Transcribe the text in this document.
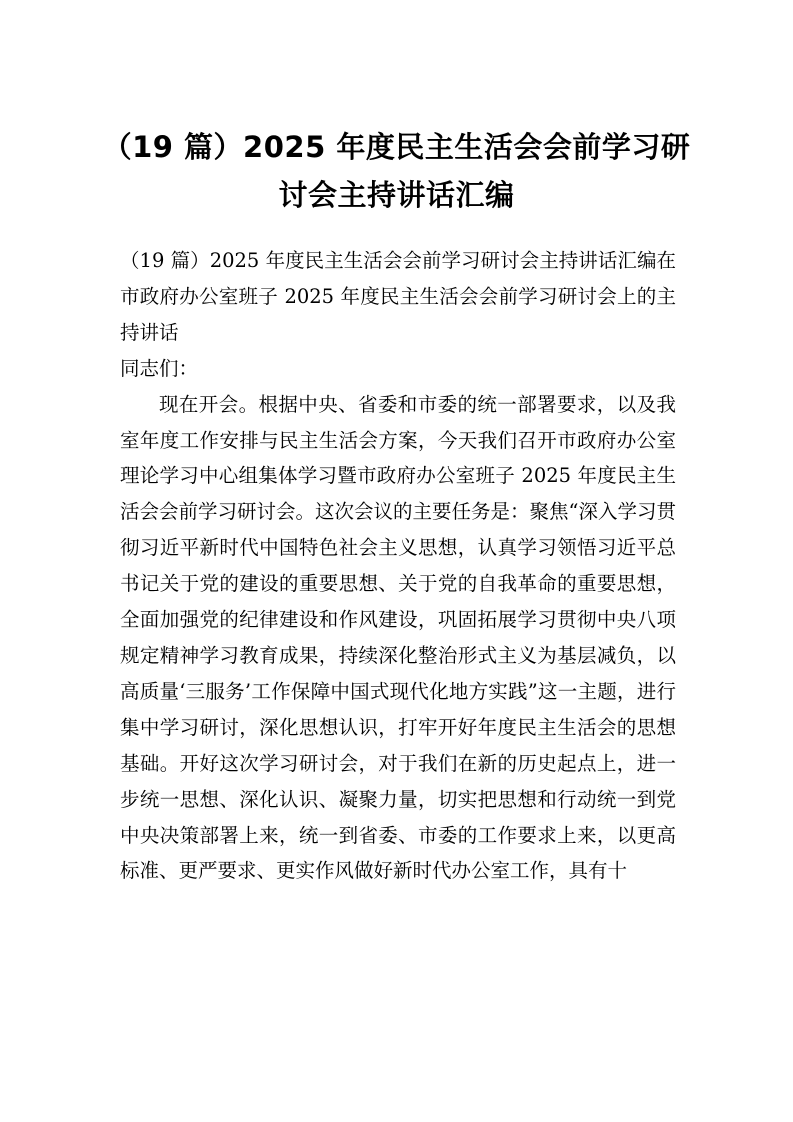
（19 篇）2025 年度民主生活会会前学习研讨会主持讲话汇编

（19 篇）2025 年度民主生活会会前学习研讨会主持讲话汇编在市政府办公室班子 2025 年度民主生活会会前学习研讨会上的主持讲话

同志们：

现在开会。根据中央、省委和市委的统一部署要求，以及我室年度工作安排与民主生活会方案，今天我们召开市政府办公室理论学习中心组集体学习暨市政府办公室班子 2025 年度民主生活会会前学习研讨会。这次会议的主要任务是：聚焦“深入学习贯彻习近平新时代中国特色社会主义思想，认真学习领悟习近平总书记关于党的建设的重要思想、关于党的自我革命的重要思想，全面加强党的纪律建设和作风建设，巩固拓展学习贯彻中央八项规定精神学习教育成果，持续深化整治形式主义为基层减负，以高质量‘三服务’工作保障中国式现代化地方实践”这一主题，进行集中学习研讨，深化思想认识，打牢开好年度民主生活会的思想基础。开好这次学习研讨会，对于我们在新的历史起点上，进一步统一思想、深化认识、凝聚力量，切实把思想和行动统一到党中央决策部署上来，统一到省委、市委的工作要求上来，以更高标准、更严要求、更实作风做好新时代办公室工作，具有十
